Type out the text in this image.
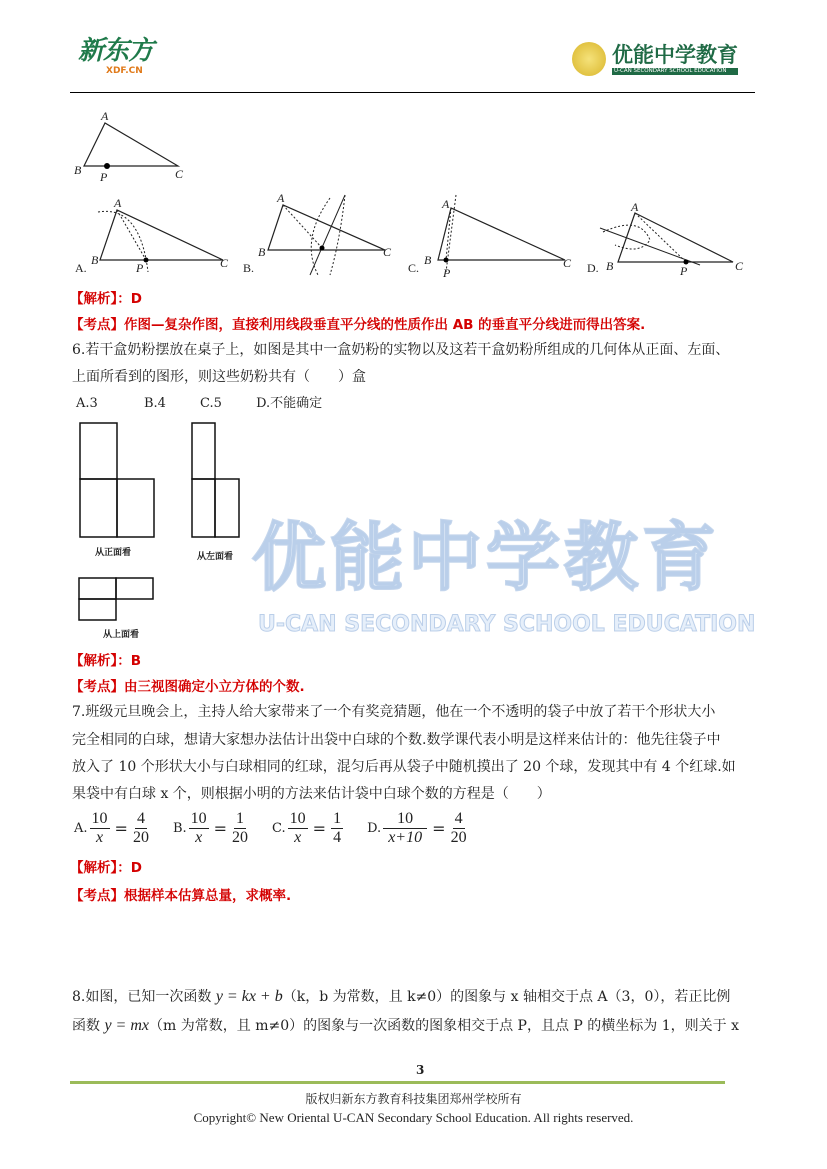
新东方
XDF.CN
优能中学教育
U-CAN SECONDARY SCHOOL EDUCATION
优能中学教育
U-CAN SECONDARY SCHOOL EDUCATION
A
B P	C
A
B
P	C
A
B	C
A
B
P
C
A
B	P	C
A.	B.	C.	D.
从正面看	从左面看
从上面看
【解析】：D
【考点】作图—复杂作图，直接利用线段垂直平分线的性质作出 AB 的垂直平分线进而得出答案.
6.若干盒奶粉摆放在桌子上，如图是其中一盒奶粉的实物以及这若干盒奶粉所组成的几何体从正面、左面、
上面所看到的图形，则这些奶粉共有（　　）盒
A.3	B.4	C.5	D.不能确定
【解析】：B
【考点】由三视图确定小立方体的个数.
7.班级元旦晚会上，主持人给大家带来了一个有奖竞猜题，他在一个不透明的袋子中放了若干个形状大小
完全相同的白球，想请大家想办法估计出袋中白球的个数.数学课代表小明是这样来估计的：他先往袋子中
放入了 10 个形状大小与白球相同的红球，混匀后再从袋子中随机摸出了 20 个球，发现其中有 4 个红球.如
果袋中有白球 x 个，则根据小明的方法来估计袋中白球个数的方程是（　　）
A. $\frac{10}{x} = \frac{4}{20} B$. $\frac{10}{x} = \frac{1}{20} C$. $\frac{10}{x} = \frac{1}{4} D$. $\frac{10}{x+10} = \frac{4}{20}$
【解析】：D
【考点】根据样本估算总量，求概率.
8.如图，已知一次函数 y = kx + b（k，b 为常数，且 k≠0）的图象与 x 轴相交于点 A（3，0），若正比例
函数 y = mx（m 为常数，且 m≠0）的图象与一次函数的图象相交于点 P，且点 P 的横坐标为 1，则关于 x
3
版权归新东方教育科技集团郑州学校所有
Copyright© New Oriental U-CAN Secondary School Education. All rights reserved.
